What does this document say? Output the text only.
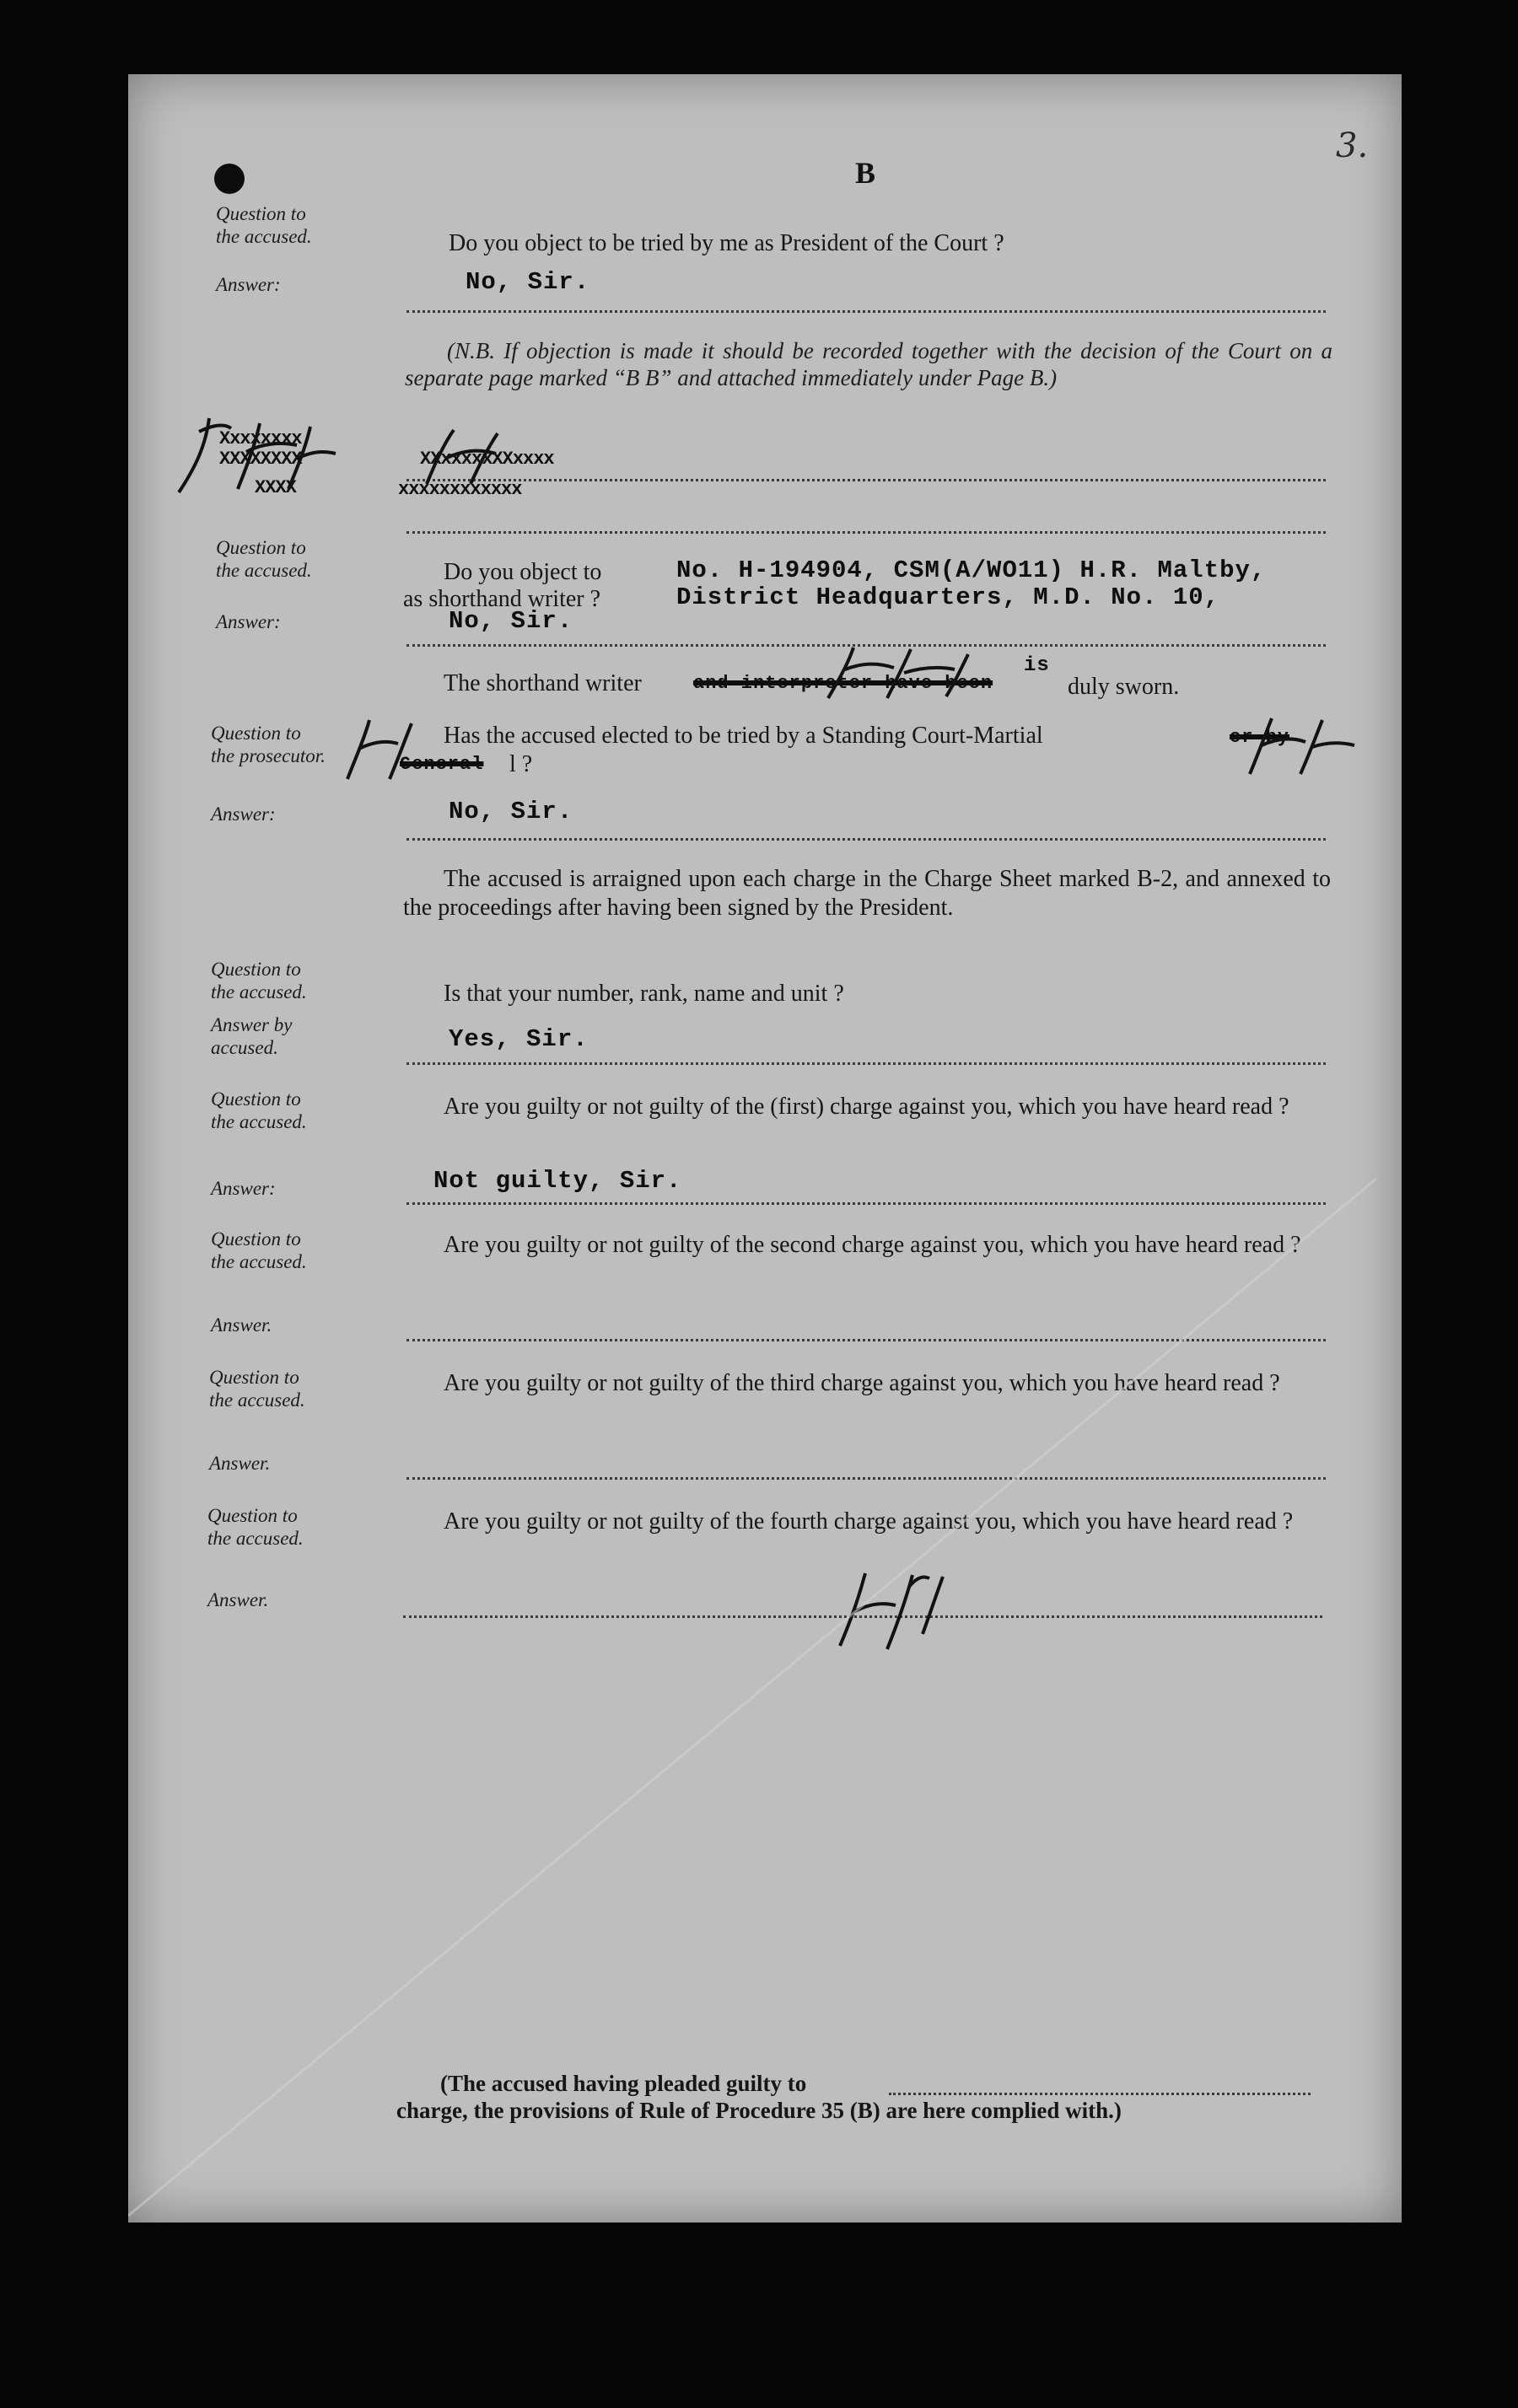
3.
B
Question to
the accused.	Do you object to be tried by me as President of the Court ?
Answer:	No, Sir.
(N.B. If objection is made it should be recorded together with the decision of the Court on a separate page marked “B B” and attached immediately under Page B.)
Xxxxxxxx
XXXXXXXX
XXXX
XXxxxxxXXxxxx
xxxxxxxxxxxx
Question to
the accused.	Do you object to
as shorthand writer ?
No. H-194904, CSM(A/WO11) H.R. Maltby,
District Headquarters, M.D. No. 10,
Answer:	No, Sir.
The shorthand writer	and interpreter have been
is
duly sworn.
Question to
the prosecutor.
Has the accused elected to be tried by a Standing Court-Martial	or by
General l ?
Answer:	No, Sir.
The accused is arraigned upon each charge in the Charge Sheet marked B-2, and annexed to the proceedings after having been signed by the President.
Question to
the accused.	Is that your number, rank, name and unit ?
Answer by
accused.	Yes, Sir.
Question to
the accused.
Are you guilty or not guilty of the (first) charge against you, which you have heard read ?
Answer:	Not guilty, Sir.
Question to
the accused.
Are you guilty or not guilty of the second charge against you, which you have heard read ?
Answer.
Question to
the accused.
Are you guilty or not guilty of the third charge against you, which you have heard read ?
Answer.
Question to
the accused.
Are you guilty or not guilty of the fourth charge against you, which you have heard read ?
Answer.
(The accused having pleaded guilty to
charge, the provisions of Rule of Procedure 35 (B) are here complied with.)
